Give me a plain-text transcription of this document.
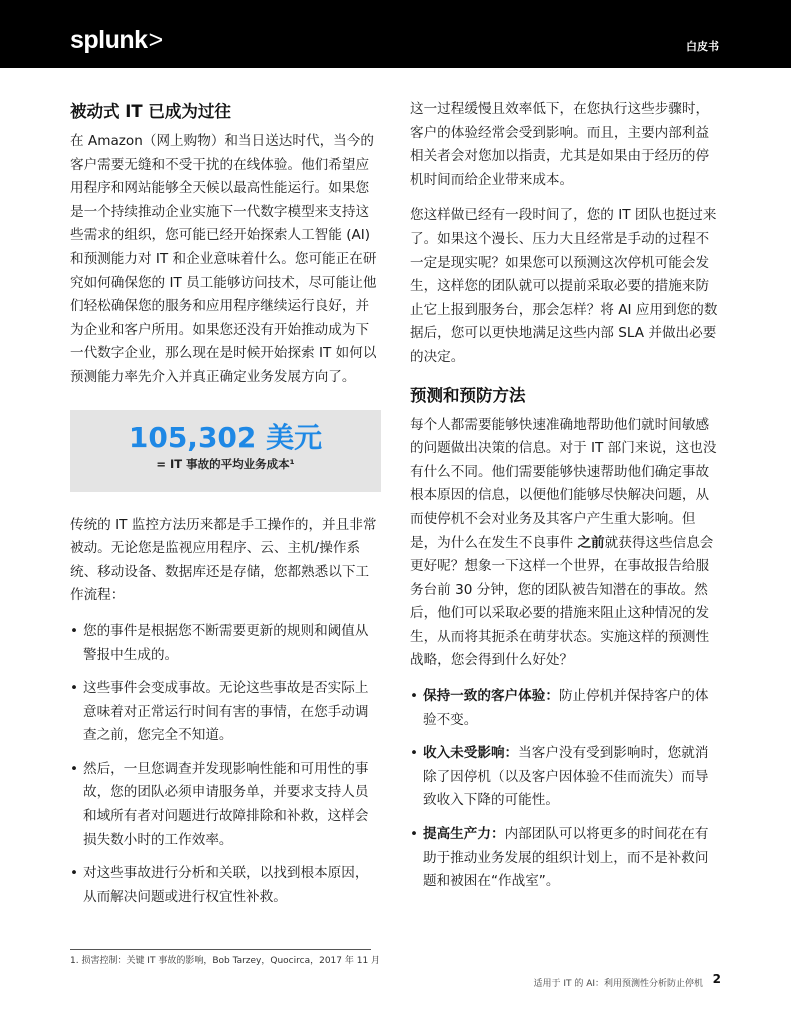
splunk>	白皮书
被动式 IT 已成为过往

在 Amazon（网上购物）和当日送达时代，当今的客户需要无缝和不受干扰的在线体验。他们希望应用程序和网站能够全天候以最高性能运行。如果您是一个持续推动企业实施下一代数字模型来支持这些需求的组织，您可能已经开始探索人工智能 (AI) 和预测能力对 IT 和企业意味着什么。您可能正在研究如何确保您的 IT 员工能够访问技术，尽可能让他们轻松确保您的服务和应用程序继续运行良好，并为企业和客户所用。如果您还没有开始推动成为下一代数字企业，那么现在是时候开始探索 IT 如何以预测能力率先介入并真正确定业务发展方向了。

105,302 美元
= IT 事故的平均业务成本¹

传统的 IT 监控方法历来都是手工操作的，并且非常被动。无论您是监视应用程序、云、主机/操作系统、移动设备、数据库还是存储，您都熟悉以下工作流程：

• 您的事件是根据您不断需要更新的规则和阈值从警报中生成的。
• 这些事件会变成事故。无论这些事故是否实际上意味着对正常运行时间有害的事情，在您手动调查之前，您完全不知道。
• 然后，一旦您调查并发现影响性能和可用性的事故，您的团队必须申请服务单，并要求支持人员和域所有者对问题进行故障排除和补救，这样会损失数小时的工作效率。
• 对这些事故进行分析和关联，以找到根本原因，从而解决问题或进行权宜性补救。

这一过程缓慢且效率低下，在您执行这些步骤时，客户的体验经常会受到影响。而且，主要内部利益相关者会对您加以指责，尤其是如果由于经历的停机时间而给企业带来成本。

您这样做已经有一段时间了，您的 IT 团队也挺过来了。如果这个漫长、压力大且经常是手动的过程不一定是现实呢？如果您可以预测这次停机可能会发生，这样您的团队就可以提前采取必要的措施来防止它上报到服务台，那会怎样？将 AI 应用到您的数据后，您可以更快地满足这些内部 SLA 并做出必要的决定。

预测和预防方法

每个人都需要能够快速准确地帮助他们就时间敏感的问题做出决策的信息。对于 IT 部门来说，这也没有什么不同。他们需要能够快速帮助他们确定事故根本原因的信息，以便他们能够尽快解决问题，从而使停机不会对业务及其客户产生重大影响。但是，为什么在发生不良事件 之前就获得这些信息会更好呢？想象一下这样一个世界，在事故报告给服务台前 30 分钟，您的团队被告知潜在的事故。然后，他们可以采取必要的措施来阻止这种情况的发生，从而将其扼杀在萌芽状态。实施这样的预测性战略，您会得到什么好处？

• 保持一致的客户体验：防止停机并保持客户的体验不变。
• 收入未受影响：当客户没有受到影响时，您就消除了因停机（以及客户因体验不佳而流失）而导致收入下降的可能性。
• 提高生产力：内部团队可以将更多的时间花在有助于推动业务发展的组织计划上，而不是补救问题和被困在“作战室”。
1. 损害控制：关键 IT 事故的影响，Bob Tarzey，Quocirca，2017 年 11 月
适用于 IT 的 AI：利用预测性分析防止停机 2
